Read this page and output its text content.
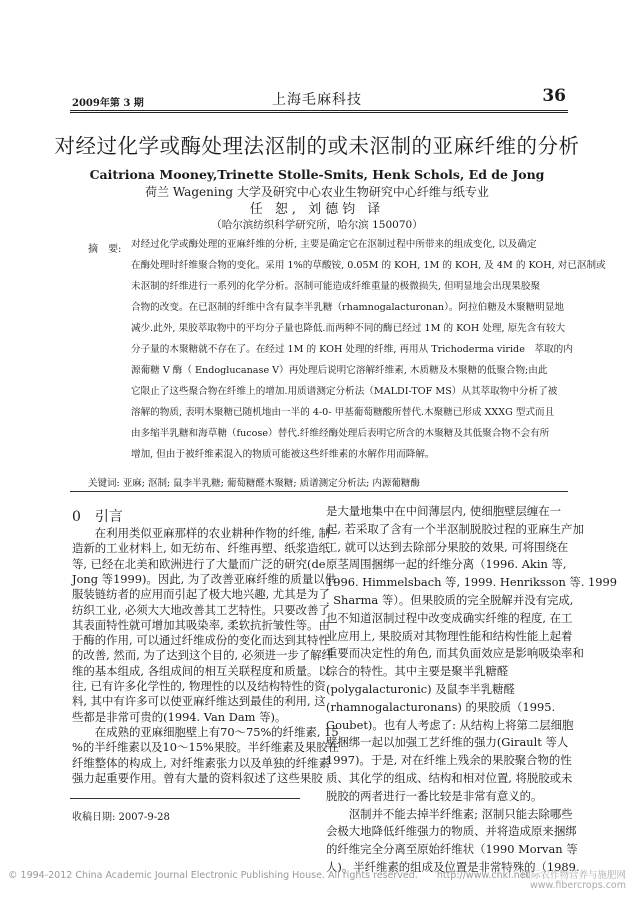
2009年第 3 期	上海毛麻科技	36
对经过化学或酶处理法沤制的或未沤制的亚麻纤维的分析
Caitriona Mooney,Trinette Stolle-Smits, Henk Schols, Ed de Jong
荷兰 Wagening 大学及研究中心农业生物研究中心纤维与纸专业
任 恕, 刘德钧 译
（哈尔滨纺织科学研究所，哈尔滨 150070）
摘　要: 对经过化学或酶处理的亚麻纤维的分析, 主要是确定它在沤制过程中所带来的组成变化, 以及确定
在酶处理时纤维聚合物的变化。采用 1%的草酸铵, 0.05M 的 KOH, 1M 的 KOH, 及 4M 的 KOH, 对已沤制或
未沤制的纤维进行一系列的化学分析。沤制可能造成纤维重量的极微损失, 但明显地会出现果胶聚
合物的改变。在已沤制的纤维中含有鼠李半乳糖（rhamnogalacturonan）。阿拉伯糖及木聚糖明显地
减少.此外, 果胶萃取物中的平均分子量也降低.而两种不同的酶已经过 1M 的 KOH 处理, 原先含有较大
分子量的木聚糖就不存在了。在经过 1M 的 KOH 处理的纤维, 再用从 Trichoderma viride　萃取的内
源葡糖 V 酶（ Endoglucanase V）再处理后说明它溶解纤维素, 木质糖及木聚糖的低聚合物;由此
它限止了这些聚合物在纤维上的增加.用质谱测定分析法（MALDI-TOF MS）从其萃取物中分析了被
溶解的物质, 表明木聚糖已随机地由一半的 4-0- 甲基葡萄糖酸所替代.木聚糖已形成 XXXG 型式而且
由多缩半乳糖和海草糖（fucose）替代.纤维经酶处理后表明它所含的木聚糖及其低聚合物不会有所
增加, 但由于被纤维素混入的物质可能被这些纤维素的水解作用而降解。
关键词: 亚麻; 沤制; 鼠李半乳糖; 葡萄糖醛木聚糖; 质谱测定分析法; 内源葡糖酶
0　引言
　　在利用类似亚麻那样的农业耕种作物的纤维, 制
造新的工业材料上, 如无纺布、纤维再塑、纸浆造纸
等, 已经在北美和欧洲进行了大量而广泛的研究(de
Jong 等1999)。因此, 为了改善亚麻纤维的质量以供
服装链纺者的应用而引起了极大地兴趣, 尤其是为了
纺织工业, 必须大大地改善其工艺特性。只要改善了
其表面特性就可增加其吸染率, 柔软抗折皱性等。由
于酶的作用, 可以通过纤维成份的变化而达到其特性
的改善, 然而, 为了达到这个目的, 必须进一步了解纤
维的基本组成, 各组成间的相互关联程度和质量。以
往, 已有许多化学性的, 物理性的以及结构特性的资
料, 其中有许多可以使亚麻纤维达到最佳的利用, 这
些都是非常可贵的(1994. Van Dam 等)。
　　在成熟的亚麻细胞壁上有70～75%的纤维素, 15
%的半纤维素以及10～15%果胶。半纤维素及果胶在
纤维整体的构成上, 对纤维素张力以及单独的纤维素
强力起重要作用。曾有大量的资料叙述了这些果胶
是大量地集中在中间薄层内, 使细胞壁层缠在一
起, 若采取了含有一个半沤制脱胶过程的亚麻生产加
工, 就可以达到去除部分果胶的效果, 可将围绕在
原茎周围捆绑一起的纤维分离（1996. Akin 等,
1996. Himmelsbach 等, 1999. Henriksson 等. 1999
. Sharma 等）。但果胶质的完全脱解并没有完成,
也不知道沤制过程中改变成确实纤维的程度, 在工
业应用上, 果胶质对其物理性能和结构性能上起着
重要而决定性的角色, 而其负面效应是影响吸染率和
综合的特性。其中主要是聚半乳糖醛
(polygalacturonic) 及鼠李半乳糖醛
(rhamnogalacturonans) 的果胶质（1995.
Goubet)。也有人考虑了: 从结构上将第二层细胞
壁捆绑一起以加强工艺纤维的强力(Girault 等人
1997)。于是, 对在纤维上残余的果胶聚合物的性
质、其化学的组成、结构和相对位置, 将脱胶或未
脱胶的两者进行一番比较是非常有意义的。
　　沤制并不能去掉半纤维素; 沤制只能去除哪些
会极大地降低纤维强力的物质、并将造成原来捆绑
的纤维完全分离至原始纤维状（1990 Morvan 等
人)。半纤维素的组成及位置是非常特殊的（1989.
收稿日期: 2007-9-28
© 1994-2012 China Academic Journal Electronic Publishing House. All rights reserved.　　http://www.cnki.net
国际农作物营养与施肥网
www.fibercrops.com
